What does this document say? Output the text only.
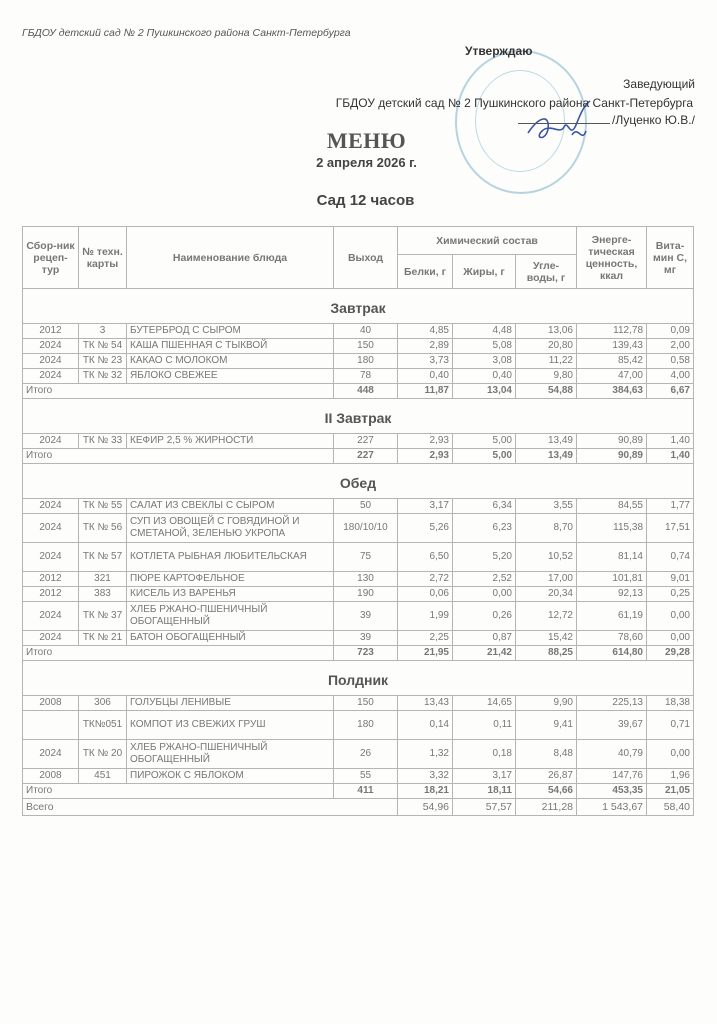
ГБДОУ детский сад № 2 Пушкинского района Санкт-Петербурга
Утверждаю
Заведующий
ГБДОУ детский сад № 2 Пушкинского района Санкт-Петербурга
/Луценко Ю.В./
МЕНЮ
2 апреля 2026 г.
Сад 12 часов
Сбор-ник рецеп-тур	№ техн. карты	Наименование блюда	Выход	Химический состав			Энерге-тическая ценность, ккал	Вита-мин С, мг
				Белки, г	Жиры, г	Угле-воды, г		
Завтрак								
2012	3	БУТЕРБРОД С СЫРОМ	40	4,85	4,48	13,06	112,78	0,09
2024	ТК № 54	КАША ПШЕННАЯ С ТЫКВОЙ	150	2,89	5,08	20,80	139,43	2,00
2024	ТК № 23	КАКАО С МОЛОКОМ	180	3,73	3,08	11,22	85,42	0,58
2024	ТК № 32	ЯБЛОКО СВЕЖЕЕ	78	0,40	0,40	9,80	47,00	4,00
Итого			448	11,87	13,04	54,88	384,63	6,67
II Завтрак								
2024	ТК № 33	КЕФИР 2,5 % ЖИРНОСТИ	227	2,93	5,00	13,49	90,89	1,40
Итого			227	2,93	5,00	13,49	90,89	1,40
Обед								
2024	ТК № 55	САЛАТ ИЗ СВЕКЛЫ С СЫРОМ	50	3,17	6,34	3,55	84,55	1,77
2024	ТК № 56	СУП ИЗ ОВОЩЕЙ С ГОВЯДИНОЙ И СМЕТАНОЙ, ЗЕЛЕНЬЮ УКРОПА	180/10/10	5,26	6,23	8,70	115,38	17,51
2024	ТК № 57	КОТЛЕТА РЫБНАЯ ЛЮБИТЕЛЬСКАЯ	75	6,50	5,20	10,52	81,14	0,74
2012	321	ПЮРЕ КАРТОФЕЛЬНОЕ	130	2,72	2,52	17,00	101,81	9,01
2012	383	КИСЕЛЬ ИЗ ВАРЕНЬЯ	190	0,06	0,00	20,34	92,13	0,25
2024	ТК № 37	ХЛЕБ РЖАНО-ПШЕНИЧНЫЙ ОБОГАЩЕННЫЙ	39	1,99	0,26	12,72	61,19	0,00
2024	ТК № 21	БАТОН ОБОГАЩЕННЫЙ	39	2,25	0,87	15,42	78,60	0,00
Итого			723	21,95	21,42	88,25	614,80	29,28
Полдник								
2008	306	ГОЛУБЦЫ ЛЕНИВЫЕ	150	13,43	14,65	9,90	225,13	18,38
	ТК№051	КОМПОТ ИЗ СВЕЖИХ ГРУШ	180	0,14	0,11	9,41	39,67	0,71
2024	ТК № 20	ХЛЕБ РЖАНО-ПШЕНИЧНЫЙ ОБОГАЩЕННЫЙ	26	1,32	0,18	8,48	40,79	0,00
2008	451	ПИРОЖОК С ЯБЛОКОМ	55	3,32	3,17	26,87	147,76	1,96
Итого			411	18,21	18,11	54,66	453,35	21,05
Всего				54,96	57,57	211,28	1 543,67	58,40
